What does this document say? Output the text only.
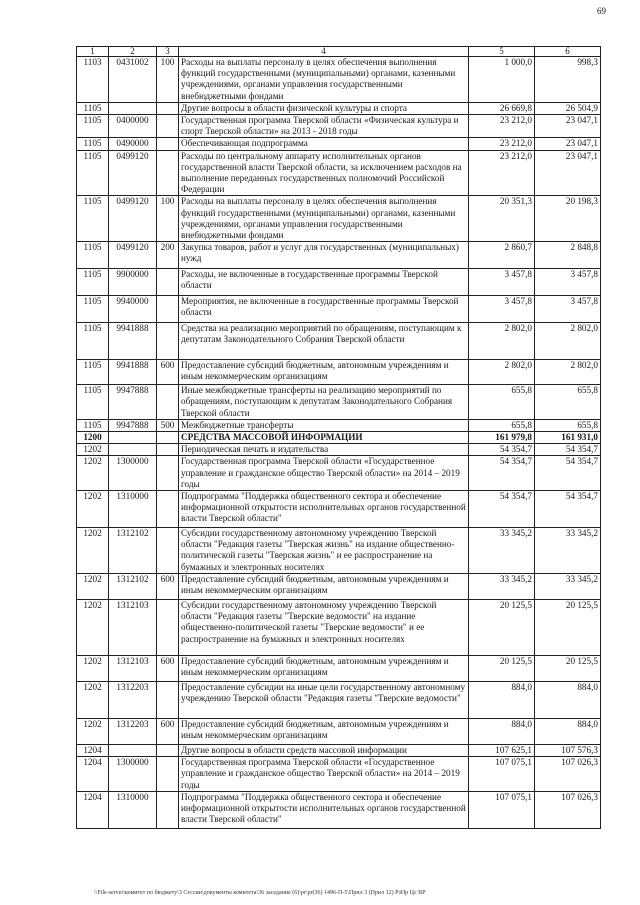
69
1	2	3	4	5	6
1103	0431002	100	Расходы на выплаты персоналу в целях обеспечения выполнения функций государственными (муниципальными) органами, казенными учреждениями, органами управления государственными внебюджетными фондами	1 000,0	998,3
1105			Другие вопросы в области физической культуры и спорта	26 669,8	26 504,9
1105	0400000		Государственная программа Тверской области «Физическая культура и спорт Тверской области» на 2013 - 2018 годы	23 212,0	23 047,1
1105	0490000		Обеспечивающая подпрограмма	23 212,0	23 047,1
1105	0499120		Расходы по центральному аппарату исполнительных органов государственной власти Тверской области, за исключением расходов на выполнение переданных государственных полномочий Российской Федерации	23 212,0	23 047,1
1105	0499120	100	Расходы на выплаты персоналу в целях обеспечения выполнения функций государственными (муниципальными) органами, казенными учреждениями, органами управления государственными внебюджетными фондами	20 351,3	20 198,3
1105	0499120	200	Закупка товаров, работ и услуг для государственных (муниципальных) нужд	2 860,7	2 848,8
1105	9900000		Расходы, не включенные в государственные программы Тверской области	3 457,8	3 457,8
1105	9940000		Мероприятия, не включенные в государственные программы Тверской области	3 457,8	3 457,8
1105	9941888		Средства на реализацию мероприятий по обращениям, поступающим к депутатам Законодательного Собрания Тверской области	2 802,0	2 802,0
1105	9941888	600	Предоставление субсидий бюджетным, автономным учреждениям и иным некоммерческим организациям	2 802,0	2 802,0
1105	9947888		Иные межбюджетные трансферты на реализацию мероприятий по обращениям, поступающим к депутатам Законодательного Собрания Тверской области	655,8	655,8
1105	9947888	500	Межбюджетные трансферты	655,8	655,8
1200			СРЕДСТВА МАССОВОЙ ИНФОРМАЦИИ	161 979,8	161 931,0
1202			Периодическая печать и издательства	54 354,7	54 354,7
1202	1300000		Государственная программа Тверской области «Государственное управление и гражданское общество Тверской области» на 2014 – 2019 годы	54 354,7	54 354,7
1202	1310000		Подпрограмма "Поддержка общественного сектора и обеспечение информационной открытости исполнительных органов государственной власти Тверской области"	54 354,7	54 354,7
1202	1312102		Субсидии государственному автономному учреждению Тверской области "Редакция газеты "Тверская жизнь" на издание общественно-политической газеты "Тверская жизнь" и ее распространение на бумажных и электронных носителях	33 345,2	33 345,2
1202	1312102	600	Предоставление субсидий бюджетным, автономным учреждениям и иным некоммерческим организациям	33 345,2	33 345,2
1202	1312103		Субсидии государственному автономному учреждению Тверской области "Редакция газеты "Тверские ведомости" на издание общественно-политической газеты "Тверские ведомости" и ее распространение на бумажных и электронных носителях	20 125,5	20 125,5
1202	1312103	600	Предоставление субсидий бюджетным, автономным учреждениям и иным некоммерческим организациям	20 125,5	20 125,5
1202	1312203		Предоставление субсидии на иные цели государственному автономному учреждению Тверской области "Редакция газеты "Тверские ведомости"	884,0	884,0
1202	1312203	600	Предоставление субсидий бюджетным, автономным учреждениям и иным некоммерческим организациям	884,0	884,0
1204			Другие вопросы в области средств массовой информации	107 625,1	107 576,3
1204	1300000		Государственная программа Тверской области «Государственное управление и гражданское общество Тверской области» на 2014 – 2019 годы	107 075,1	107 026,3
1204	1310000		Подпрограмма "Поддержка общественного сектора и обеспечение информационной открытости исполнительных органов государственной власти Тверской области"	107 075,1	107 026,3
\\File-server\комитет по бюджету\3 Сессии\документы комитета\36 заседание (6)\pr\pr(36) 1496-П-5\Прил 3 (Прил 12) РзПр Цс ВР
